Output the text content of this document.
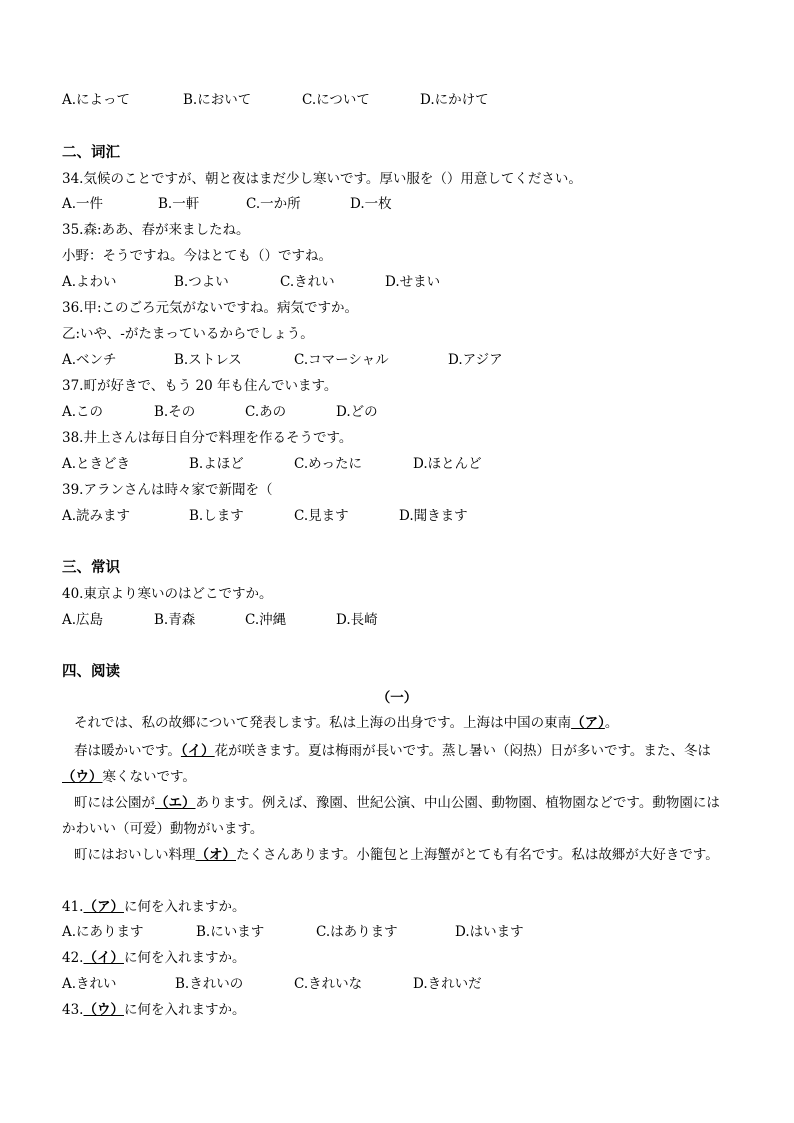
A.によって	B.において	C.について	D.にかけて
二、词汇
34.気候のことですが、朝と夜はまだ少し寒いです。厚い服を（）用意してください。
A.一件	B.一軒	C.一か所	D.一枚
35.森:ああ、春が来ましたね。
小野：そうですね。今はとても（）ですね。
A.よわい	B.つよい	C.きれい	D.せまい
36.甲:このごろ元気がないですね。病気ですか。
乙:いや、-がたまっているからでしょう。
A.ベンチ	B.ストレス	C.コマーシャル	D.アジア
37.町が好きで、もう 20 年も住んでいます。
A.この	B.その	C.あの	D.どの
38.井上さんは毎日自分で料理を作るそうです。
A.ときどき	B.よほど	C.めったに	D.ほとんど
39.アランさんは時々家で新聞を（
A.読みます	B.します	C.見ます	D.聞きます
三、常识
40.東京より寒いのはどこですか。
A.広島	B.青森	C.沖縄	D.長崎
四、阅读
（一）
それでは、私の故郷について発表します。私は上海の出身です。上海は中国の東南（ア）。
春は暖かいです。（イ）花が咲きます。夏は梅雨が長いです。蒸し暑い（闷热）日が多いです。また、冬は（ウ）寒くないです。
町には公園が（エ）あります。例えば、豫園、世紀公演、中山公園、動物園、植物園などです。動物園にはかわいい（可爱）動物がいます。
町にはおいしい料理（オ）たくさんあります。小籠包と上海蟹がとても有名です。私は故郷が大好きです。
41.（ア）に何を入れますか。
A.にあります	B.にいます	C.はあります	D.はいます
42.（イ）に何を入れますか。
A.きれい	B.きれいの	C.きれいな	D.きれいだ
43.（ウ）に何を入れますか。
